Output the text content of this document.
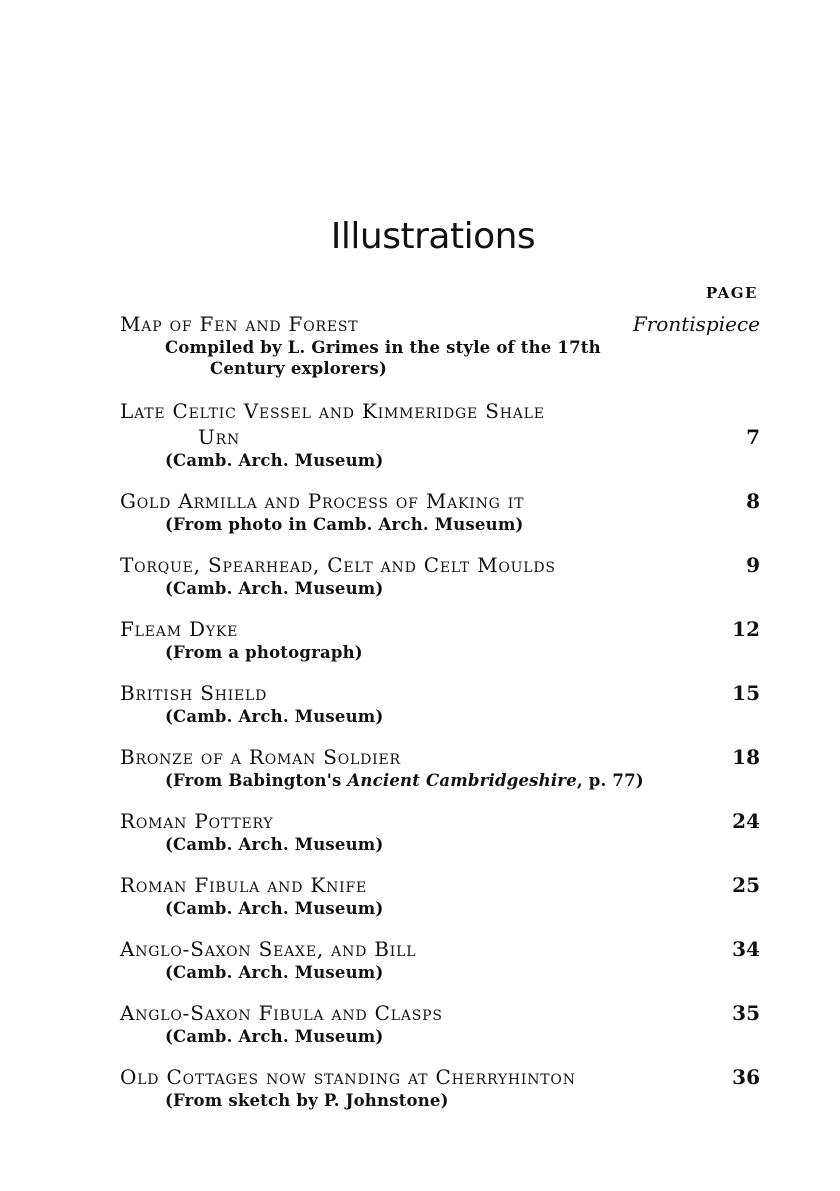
Illustrations
PAGE
Map of Fen and Forest	Frontispiece
Compiled by L. Grimes in the style of the 17th
Century explorers)
Late Celtic Vessel and Kimmeridge Shale
Urn	7
(Camb. Arch. Museum)
Gold Armilla and Process of Making it	8
(From photo in Camb. Arch. Museum)
Torque, Spearhead, Celt and Celt Moulds	9
(Camb. Arch. Museum)
Fleam Dyke	12
(From a photograph)
British Shield	15
(Camb. Arch. Museum)
Bronze of a Roman Soldier	18
(From Babington's Ancient Cambridgeshire, p. 77)
Roman Pottery	24
(Camb. Arch. Museum)
Roman Fibula and Knife	25
(Camb. Arch. Museum)
Anglo-Saxon Seaxe, and Bill	34
(Camb. Arch. Museum)
Anglo-Saxon Fibula and Clasps	35
(Camb. Arch. Museum)
Old Cottages now standing at Cherryhinton	36
(From sketch by P. Johnstone)
